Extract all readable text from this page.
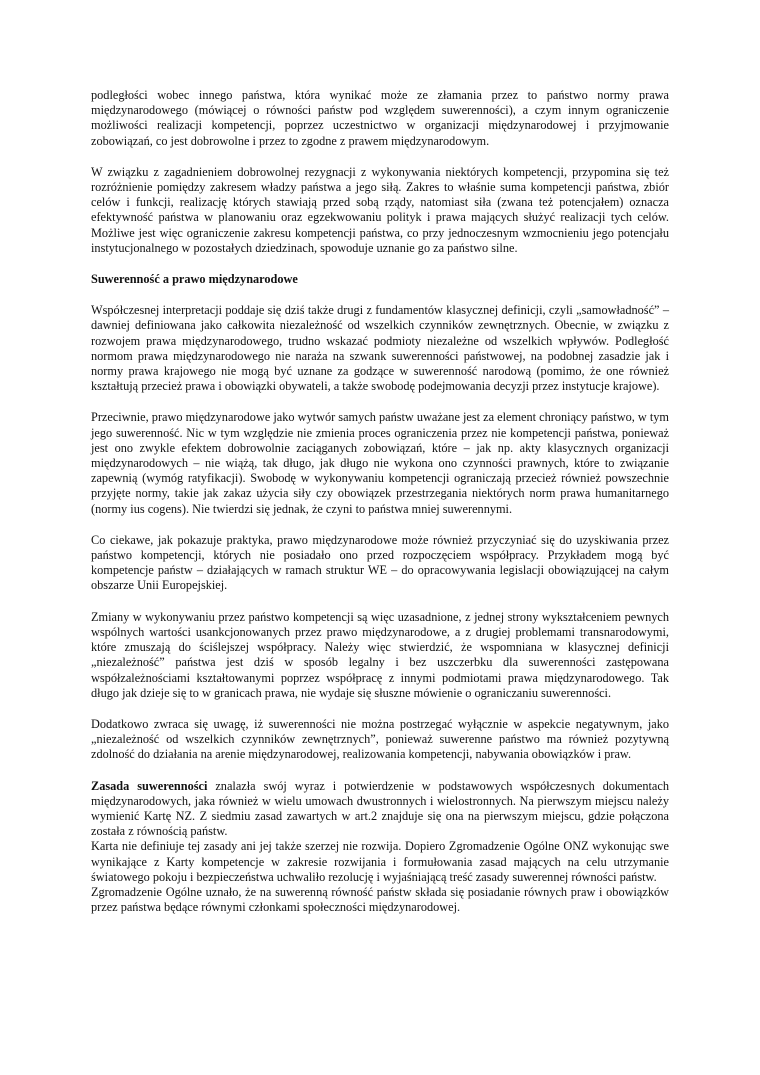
podległości wobec innego państwa, która wynikać może ze złamania przez to państwo normy prawa międzynarodowego (mówiącej o równości państw pod względem suwerenności), a czym innym ograniczenie możliwości realizacji kompetencji, poprzez uczestnictwo w organizacji międzynarodowej i przyjmowanie zobowiązań, co jest dobrowolne i przez to zgodne z prawem międzynarodowym.

W związku z zagadnieniem dobrowolnej rezygnacji z wykonywania niektórych kompetencji, przypomina się też rozróżnienie pomiędzy zakresem władzy państwa a jego siłą. Zakres to właśnie suma kompetencji państwa, zbiór celów i funkcji, realizację których stawiają przed sobą rządy, natomiast siła (zwana też potencjałem) oznacza efektywność państwa w planowaniu oraz egzekwowaniu polityk i prawa mających służyć realizacji tych celów. Możliwe jest więc ograniczenie zakresu kompetencji państwa, co przy jednoczesnym wzmocnieniu jego potencjału instytucjonalnego w pozostałych dziedzinach, spowoduje uznanie go za państwo silne.

Suwerenność a prawo międzynarodowe

Współczesnej interpretacji poddaje się dziś także drugi z fundamentów klasycznej definicji, czyli „samowładność” – dawniej definiowana jako całkowita niezależność od wszelkich czynników zewnętrznych. Obecnie, w związku z rozwojem prawa międzynarodowego, trudno wskazać podmioty niezależne od wszelkich wpływów. Podległość normom prawa międzynarodowego nie naraża na szwank suwerenności państwowej, na podobnej zasadzie jak i normy prawa krajowego nie mogą być uznane za godzące w suwerenność narodową (pomimo, że one również kształtują przecież prawa i obowiązki obywateli, a także swobodę podejmowania decyzji przez instytucje krajowe).

Przeciwnie, prawo międzynarodowe jako wytwór samych państw uważane jest za element chroniący państwo, w tym jego suwerenność. Nic w tym względzie nie zmienia proces ograniczenia przez nie kompetencji państwa, ponieważ jest ono zwykle efektem dobrowolnie zaciąganych zobowiązań, które – jak np. akty klasycznych organizacji międzynarodowych – nie wiążą, tak długo, jak długo nie wykona ono czynności prawnych, które to związanie zapewnią (wymóg ratyfikacji). Swobodę w wykonywaniu kompetencji ograniczają przecież również powszechnie przyjęte normy, takie jak zakaz użycia siły czy obowiązek przestrzegania niektórych norm prawa humanitarnego (normy ius cogens). Nie twierdzi się jednak, że czyni to państwa mniej suwerennymi.

Co ciekawe, jak pokazuje praktyka, prawo międzynarodowe może również przyczyniać się do uzyskiwania przez państwo kompetencji, których nie posiadało ono przed rozpoczęciem współpracy. Przykładem mogą być kompetencje państw – działających w ramach struktur WE – do opracowywania legislacji obowiązującej na całym obszarze Unii Europejskiej.

Zmiany w wykonywaniu przez państwo kompetencji są więc uzasadnione, z jednej strony wykształceniem pewnych wspólnych wartości usankcjonowanych przez prawo międzynarodowe, a z drugiej problemami transnarodowymi, które zmuszają do ściślejszej współpracy. Należy więc stwierdzić, że wspomniana w klasycznej definicji „niezależność” państwa jest dziś w sposób legalny i bez uszczerbku dla suwerenności zastępowana współzależnościami kształtowanymi poprzez współpracę z innymi podmiotami prawa międzynarodowego. Tak długo jak dzieje się to w granicach prawa, nie wydaje się słuszne mówienie o ograniczaniu suwerenności.

Dodatkowo zwraca się uwagę, iż suwerenności nie można postrzegać wyłącznie w aspekcie negatywnym, jako „niezależność od wszelkich czynników zewnętrznych”, ponieważ suwerenne państwo ma również pozytywną zdolność do działania na arenie międzynarodowej, realizowania kompetencji, nabywania obowiązków i praw.

Zasada suwerenności znalazła swój wyraz i potwierdzenie w podstawowych współczesnych dokumentach międzynarodowych, jaka również w wielu umowach dwustronnych i wielostronnych. Na pierwszym miejscu należy wymienić Kartę NZ. Z siedmiu zasad zawartych w art.2 znajduje się ona na pierwszym miejscu, gdzie połączona została z równością państw.

Karta nie definiuje tej zasady ani jej także szerzej nie rozwija. Dopiero Zgromadzenie Ogólne ONZ wykonując swe wynikające z Karty kompetencje w zakresie rozwijania i formułowania zasad mających na celu utrzymanie światowego pokoju i bezpieczeństwa uchwaliło rezolucję i wyjaśniającą treść zasady suwerennej równości państw.

Zgromadzenie Ogólne uznało, że na suwerenną równość państw składa się posiadanie równych praw i obowiązków przez państwa będące równymi członkami społeczności międzynarodowej.
